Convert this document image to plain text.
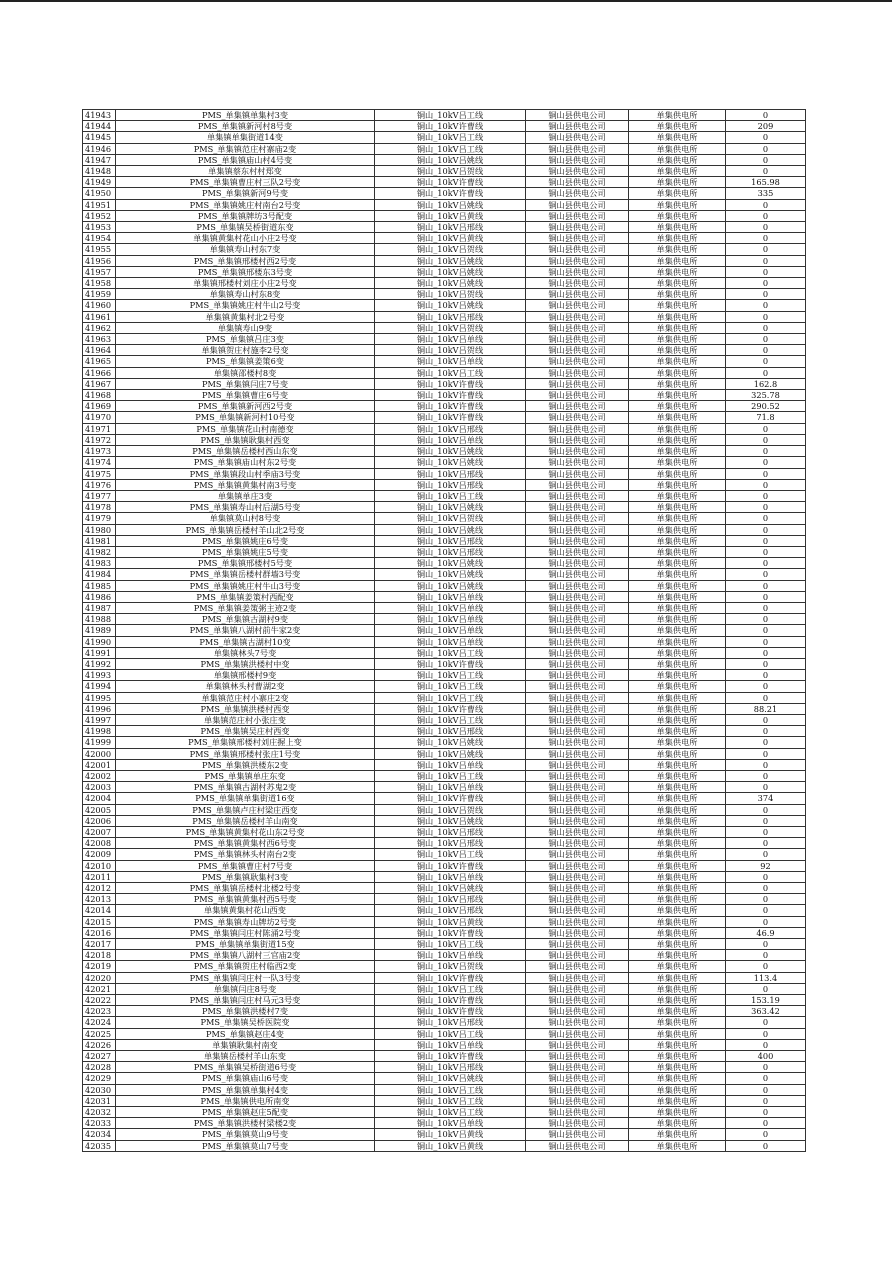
41943	PMS_单集镇单集村3变	铜山_10kV吕工线	铜山县供电公司	单集供电所	0
41944	PMS_单集镇新河村8号变	铜山_10kV许曹线	铜山县供电公司	单集供电所	209
41945	单集镇单集街道14变	铜山_10kV吕工线	铜山县供电公司	单集供电所	0
41946	PMS_单集镇范庄村寨庙2变	铜山_10kV吕工线	铜山县供电公司	单集供电所	0
41947	PMS_单集镇庙山村4号变	铜山_10kV吕姚线	铜山县供电公司	单集供电所	0
41948	单集镇蔡东村村郑变	铜山_10kV吕贺线	铜山县供电公司	单集供电所	0
41949	PMS_单集镇曹庄村三队2号变	铜山_10kV许曹线	铜山县供电公司	单集供电所	165.98
41950	PMS_单集镇新河9号变	铜山_10kV许曹线	铜山县供电公司	单集供电所	335
41951	PMS_单集镇姚庄村南台2号变	铜山_10kV吕姚线	铜山县供电公司	单集供电所	0
41952	PMS_单集镇牌坊3号配变	铜山_10kV吕黄线	铜山县供电公司	单集供电所	0
41953	PMS_单集镇吴桥街道东变	铜山_10kV吕邢线	铜山县供电公司	单集供电所	0
41954	单集镇黄集村花山小庄2号变	铜山_10kV吕黄线	铜山县供电公司	单集供电所	0
41955	单集镇寿山村东7变	铜山_10kV吕贺线	铜山县供电公司	单集供电所	0
41956	PMS_单集镇邢楼村西2号变	铜山_10kV吕姚线	铜山县供电公司	单集供电所	0
41957	PMS_单集镇邢楼东3号变	铜山_10kV吕姚线	铜山县供电公司	单集供电所	0
41958	单集镇邢楼村刘庄小庄2号变	铜山_10kV吕姚线	铜山县供电公司	单集供电所	0
41959	单集镇寿山村东8变	铜山_10kV吕贺线	铜山县供电公司	单集供电所	0
41960	PMS_单集镇姚庄村牛山2号变	铜山_10kV吕姚线	铜山县供电公司	单集供电所	0
41961	单集镇黄集村北2号变	铜山_10kV吕邢线	铜山县供电公司	单集供电所	0
41962	单集镇寿山9变	铜山_10kV吕贺线	铜山县供电公司	单集供电所	0
41963	PMS_单集镇吕庄3变	铜山_10kV吕单线	铜山县供电公司	单集供电所	0
41964	单集镇贺庄村施李2号变	铜山_10kV吕贺线	铜山县供电公司	单集供电所	0
41965	PMS_单集镇姜策6变	铜山_10kV吕单线	铜山县供电公司	单集供电所	0
41966	单集镇邵楼村8变	铜山_10kV吕工线	铜山县供电公司	单集供电所	0
41967	PMS_单集镇闫庄7号变	铜山_10kV许曹线	铜山县供电公司	单集供电所	162.8
41968	PMS_单集镇曹庄6号变	铜山_10kV许曹线	铜山县供电公司	单集供电所	325.78
41969	PMS_单集镇新河西2号变	铜山_10kV许曹线	铜山县供电公司	单集供电所	290.52
41970	PMS_单集镇新河村10号变	铜山_10kV许曹线	铜山县供电公司	单集供电所	71.8
41971	PMS_单集镇花山村南德变	铜山_10kV吕邢线	铜山县供电公司	单集供电所	0
41972	PMS_单集镇耿集村西变	铜山_10kV吕单线	铜山县供电公司	单集供电所	0
41973	PMS_单集镇岳楼村西山东变	铜山_10kV吕姚线	铜山县供电公司	单集供电所	0
41974	PMS_单集镇庙山村东2号变	铜山_10kV吕姚线	铜山县供电公司	单集供电所	0
41975	PMS_单集镇段山村季庙3号变	铜山_10kV吕邢线	铜山县供电公司	单集供电所	0
41976	PMS_单集镇黄集村南3号变	铜山_10kV吕邢线	铜山县供电公司	单集供电所	0
41977	单集镇单庄3变	铜山_10kV吕工线	铜山县供电公司	单集供电所	0
41978	PMS_单集镇寿山村后湖5号变	铜山_10kV吕姚线	铜山县供电公司	单集供电所	0
41979	单集镇莫山村8号变	铜山_10kV吕贺线	铜山县供电公司	单集供电所	0
41980	PMS_单集镇岳楼村羊山北2号变	铜山_10kV吕姚线	铜山县供电公司	单集供电所	0
41981	PMS_单集镇姚庄6号变	铜山_10kV吕邢线	铜山县供电公司	单集供电所	0
41982	PMS_单集镇姚庄5号变	铜山_10kV吕邢线	铜山县供电公司	单集供电所	0
41983	PMS_单集镇邢楼村5号变	铜山_10kV吕姚线	铜山县供电公司	单集供电所	0
41984	PMS_单集镇岳楼村群墙3号变	铜山_10kV吕姚线	铜山县供电公司	单集供电所	0
41985	PMS_单集镇姚庄村牛山3号变	铜山_10kV吕姚线	铜山县供电公司	单集供电所	0
41986	PMS_单集镇姜策村西配变	铜山_10kV吕单线	铜山县供电公司	单集供电所	0
41987	PMS_单集镇姜策粥主迹2变	铜山_10kV吕单线	铜山县供电公司	单集供电所	0
41988	PMS_单集镇古湖村9变	铜山_10kV吕单线	铜山县供电公司	单集供电所	0
41989	PMS_单集镇八湖村前牛家2变	铜山_10kV吕单线	铜山县供电公司	单集供电所	0
41990	PMS_单集镇古湖村10变	铜山_10kV吕单线	铜山县供电公司	单集供电所	0
41991	单集镇林头7号变	铜山_10kV吕工线	铜山县供电公司	单集供电所	0
41992	PMS_单集镇洪楼村中变	铜山_10kV许曹线	铜山县供电公司	单集供电所	0
41993	单集镇邢楼村9变	铜山_10kV吕工线	铜山县供电公司	单集供电所	0
41994	单集镇林头村曹湖2变	铜山_10kV吕工线	铜山县供电公司	单集供电所	0
41995	单集镇范庄村小寨庄2变	铜山_10kV吕工线	铜山县供电公司	单集供电所	0
41996	PMS_单集镇洪楼村西变	铜山_10kV许曹线	铜山县供电公司	单集供电所	88.21
41997	单集镇范庄村小张庄变	铜山_10kV吕工线	铜山县供电公司	单集供电所	0
41998	PMS_单集镇吴庄村西变	铜山_10kV吕邢线	铜山县供电公司	单集供电所	0
41999	PMS_单集镇邢楼村刘庄握上变	铜山_10kV吕姚线	铜山县供电公司	单集供电所	0
42000	PMS_单集镇邢楼村张庄1号变	铜山_10kV吕姚线	铜山县供电公司	单集供电所	0
42001	PMS_单集镇洪楼东2变	铜山_10kV吕单线	铜山县供电公司	单集供电所	0
42002	PMS_单集镇单庄东变	铜山_10kV吕工线	铜山县供电公司	单集供电所	0
42003	PMS_单集镇古湖村苏鬼2变	铜山_10kV吕单线	铜山县供电公司	单集供电所	0
42004	PMS_单集镇单集街道16变	铜山_10kV许曹线	铜山县供电公司	单集供电所	374
42005	PMS_单集镇卢庄村梁庄西变	铜山_10kV吕贺线	铜山县供电公司	单集供电所	0
42006	PMS_单集镇岳楼村羊山南变	铜山_10kV吕姚线	铜山县供电公司	单集供电所	0
42007	PMS_单集镇黄集村花山东2号变	铜山_10kV吕邢线	铜山县供电公司	单集供电所	0
42008	PMS_单集镇黄集村西6号变	铜山_10kV吕邢线	铜山县供电公司	单集供电所	0
42009	PMS_单集镇林头村南台2变	铜山_10kV吕工线	铜山县供电公司	单集供电所	0
42010	PMS_单集镇曹庄村7号变	铜山_10kV许曹线	铜山县供电公司	单集供电所	92
42011	PMS_单集镇耿集村3变	铜山_10kV吕单线	铜山县供电公司	单集供电所	0
42012	PMS_单集镇岳楼村北楼2号变	铜山_10kV吕姚线	铜山县供电公司	单集供电所	0
42013	PMS_单集镇黄集村西5号变	铜山_10kV吕邢线	铜山县供电公司	单集供电所	0
42014	单集镇黄集村花山西变	铜山_10kV吕邢线	铜山县供电公司	单集供电所	0
42015	PMS_单集镇寿山牌坊2号变	铜山_10kV吕黄线	铜山县供电公司	单集供电所	0
42016	PMS_单集镇闫庄村陈涌2号变	铜山_10kV许曹线	铜山县供电公司	单集供电所	46.9
42017	PMS_单集镇单集街道15变	铜山_10kV吕工线	铜山县供电公司	单集供电所	0
42018	PMS_单集镇八湖村三官庙2变	铜山_10kV吕单线	铜山县供电公司	单集供电所	0
42019	PMS_单集镇贺庄村临西2变	铜山_10kV吕贺线	铜山县供电公司	单集供电所	0
42020	PMS_单集镇闫庄村一队3号变	铜山_10kV许曹线	铜山县供电公司	单集供电所	113.4
42021	单集镇闫庄8号变	铜山_10kV吕工线	铜山县供电公司	单集供电所	0
42022	PMS_单集镇闫庄村马元3号变	铜山_10kV许曹线	铜山县供电公司	单集供电所	153.19
42023	PMS_单集镇洪楼村7变	铜山_10kV许曹线	铜山县供电公司	单集供电所	363.42
42024	PMS_单集镇吴桥医院变	铜山_10kV吕邢线	铜山县供电公司	单集供电所	0
42025	PMS_单集镇赵庄4变	铜山_10kV吕工线	铜山县供电公司	单集供电所	0
42026	单集镇耿集村南变	铜山_10kV吕单线	铜山县供电公司	单集供电所	0
42027	单集镇岳楼村羊山东变	铜山_10kV许曹线	铜山县供电公司	单集供电所	400
42028	PMS_单集镇吴桥街道6号变	铜山_10kV吕邢线	铜山县供电公司	单集供电所	0
42029	PMS_单集镇庙山6号变	铜山_10kV吕姚线	铜山县供电公司	单集供电所	0
42030	PMS_单集镇单集村4变	铜山_10kV吕工线	铜山县供电公司	单集供电所	0
42031	PMS_单集镇供电所南变	铜山_10kV吕工线	铜山县供电公司	单集供电所	0
42032	PMS_单集镇赵庄5配变	铜山_10kV吕工线	铜山县供电公司	单集供电所	0
42033	PMS_单集镇洪楼村梁楼2变	铜山_10kV吕单线	铜山县供电公司	单集供电所	0
42034	PMS_单集镇莫山9号变	铜山_10kV吕黄线	铜山县供电公司	单集供电所	0
42035	PMS_单集镇莫山7号变	铜山_10kV吕黄线	铜山县供电公司	单集供电所	0
